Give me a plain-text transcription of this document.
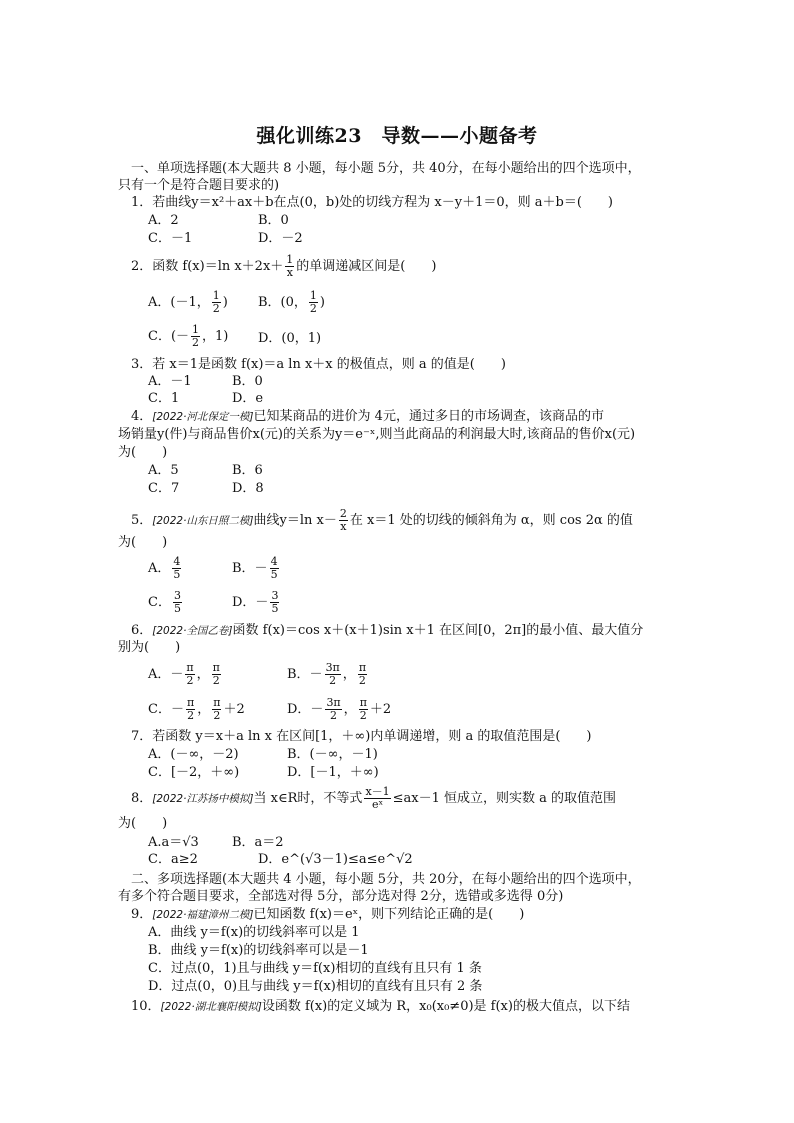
强化训练23　导数——小题备考
一、单项选择题(本大题共 8 小题，每小题 5分，共 40分，在每小题给出的四个选项中，
只有一个是符合题目要求的)
1．若曲线y＝x²＋ax＋b在点(0，b)处的切线方程为 x－y＋1＝0，则 a＋b＝(　　)
A．2	B．0
C．－1	D．－2
2．函数 f(x)＝ln $x+2x+ \frac{1}{x}$ 的单调递减区间是(　　)
A．(－1， $\frac{1}{2}$ ) B．(0， $\frac{1}{2}$ )
C．(－ $\frac{1}{2}$ ，1) D．(0，1)
3．若 x＝1是函数 f(x)＝a ln x＋x 的极值点，则 a 的值是(　　)
A．－1	B．0
C．1	D．e
4．[2022·河北保定一模]已知某商品的进价为 4元，通过多日的市场调查，该商品的市
场销量y(件)与商品售价x(元)的关系为y＝e⁻ˣ,则当此商品的利润最大时,该商品的售价x(元)
为(　　)
A．5	B．6
C．7	D．8
5．[2022·山东日照二模]曲线y＝ln $x- \frac{2}{x}$ 在 x＝1 处的切线的倾斜角为 α，则 cos 2α 的值
为(　　)
A． $\frac{4}{5}$	B．－ $\frac{4}{5}$
C． $\frac{3}{5}$	D．－ $\frac{3}{5}$
6．[2022·全国乙卷]函数 f(x)＝cos x＋(x＋1)sin x＋1 在区间[0，2π]的最小值、最大值分
别为(　　)
A．－ $\frac{\pi}{2}$ ， $\frac{\pi}{2}$	B．－ $\frac{3\pi}{2}$ ， $\frac{\pi}{2}$
C．－ $\frac{\pi}{2}$ ， $\frac{\pi}{2} +2$	D．－ $\frac{3\pi}{2}$ ， $\frac{\pi}{2} +2$
7．若函数 y＝x＋a ln x 在区间[1，＋∞)内单调递增，则 a 的取值范围是(　　)
A．(－∞，－2)	B．(－∞，－1)
C．[－2，＋∞)	D．[－1，＋∞)
8．[2022·江苏扬中模拟]当 x∈R时，不等式 $\frac{x-1}{\text{eˣ}} \le ax-1$ 恒成立，则实数 a 的取值范围
为(　　)
A.a＝√3	B．a＝2
C．a≥2	D．e^(√3－1)≤a≤e^√2
二、多项选择题(本大题共 4 小题，每小题 5分，共 20分，在每小题给出的四个选项中，
有多个符合题目要求，全部选对得 5分，部分选对得 2分，选错或多选得 0分)
9．[2022·福建漳州二模]已知函数 f(x)＝eˣ，则下列结论正确的是(　　)
A．曲线 y＝f(x)的切线斜率可以是 1
B．曲线 y＝f(x)的切线斜率可以是－1
C．过点(0，1)且与曲线 y＝f(x)相切的直线有且只有 1 条
D．过点(0，0)且与曲线 y＝f(x)相切的直线有且只有 2 条
10．[2022·湖北襄阳模拟]设函数 f(x)的定义域为 R，x₀(x₀≠0)是 f(x)的极大值点，以下结
